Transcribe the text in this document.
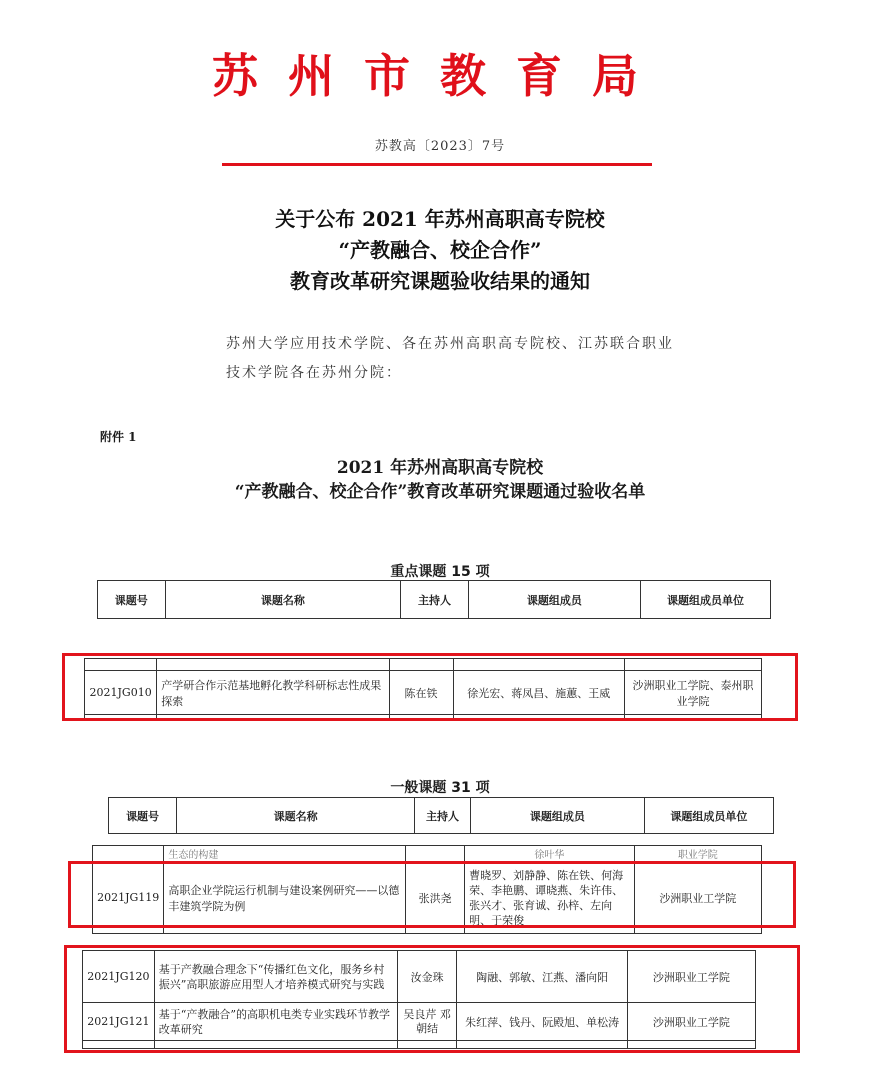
苏州市教育局
苏教高〔2023〕7号
关于公布 2021 年苏州高职高专院校
“产教融合、校企合作”
教育改革研究课题验收结果的通知
苏州大学应用技术学院、各在苏州高职高专院校、江苏联合职业
技术学院各在苏州分院：
附件 1
2021 年苏州高职高专院校
“产教融合、校企合作”教育改革研究课题通过验收名单
重点课题 15 项
课题号	课题名称	主持人	课题组成员	课题组成员单位

2021JG010	产学研合作示范基地孵化教学科研标志性成果探索	陈在铁	徐光宏、蒋凤昌、施蕙、王威	沙洲职业工学院、泰州职业学院

一般课题 31 项
课题号	课题名称	主持人	课题组成员	课题组成员单位
	生态的构建		徐叶华	职业学院
2021JG119	高职企业学院运行机制与建设案例研究——以德丰建筑学院为例	张洪尧	曹晓罗、刘静静、陈在铁、何海荣、李艳鹏、谭晓燕、朱许伟、张兴才、张育诚、孙梓、左向明、于荣俊	沙洲职业工学院
2021JG120	基于产教融合理念下“传播红色文化，服务乡村振兴”高职旅游应用型人才培养模式研究与实践	汝金珠	陶融、郭敏、江燕、潘向阳	沙洲职业工学院
2021JG121	基于“产教融合”的高职机电类专业实践环节教学改革研究	吴良芹 邓朝结	朱红萍、钱丹、阮殿旭、单松涛	沙洲职业工学院
